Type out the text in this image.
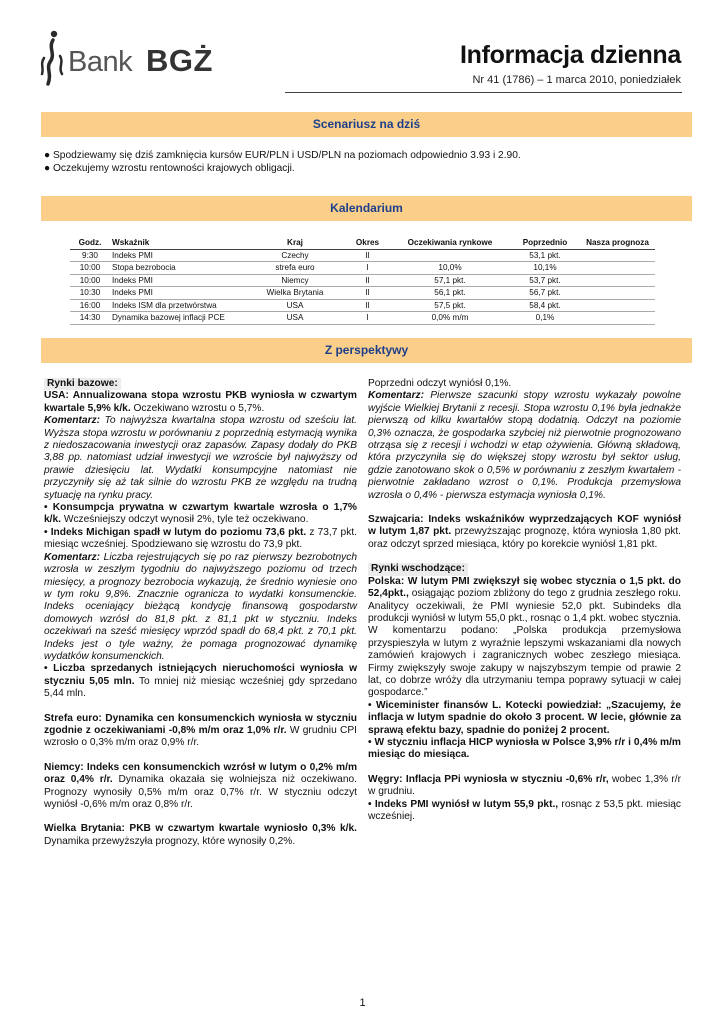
Bank BGŻ	Informacja dzienna
Nr 41 (1786) – 1 marca 2010, poniedziałek
Scenariusz na dziś
● Spodziewamy się dziś zamknięcia kursów EUR/PLN i USD/PLN na poziomach odpowiednio 3.93 i 2.90.
● Oczekujemy wzrostu rentowności krajowych obligacji.
Kalendarium
Godz.	Wskaźnik	Kraj	Okres	Oczekiwania rynkowe	Poprzednio	Nasza prognoza
9:30	Indeks PMI	Czechy	II		53,1 pkt.	
10:00	Stopa bezrobocia	strefa euro	I	10,0%	10,1%	
10:00	Indeks PMI	Niemcy	II	57,1 pkt.	53,7 pkt.	
10:30	Indeks PMI	Wielka Brytania	II	56,1 pkt.	56,7 pkt.	
16:00	Indeks ISM dla przetwórstwa	USA	II	57,5 pkt.	58,4 pkt.	
14:30	Dynamika bazowej inflacji PCE	USA	I	0,0% m/m	0,1%	
Z perspektywy

Rynki bazowe:

USA: Annualizowana stopa wzrostu PKB wyniosła w czwartym kwartale 5,9% k/k. Oczekiwano wzrostu o 5,7%.

Komentarz: To najwyższa kwartalna stopa wzrostu od sześciu lat. Wyższa stopa wzrostu w porównaniu z poprzednią estymacją wynika z niedoszacowania inwestycji oraz zapasów. Zapasy dodały do PKB 3,88 pp. natomiast udział inwestycji we wzroście był najwyższy od prawie dziesięciu lat. Wydatki konsumpcyjne natomiast nie przyczyniły się aż tak silnie do wzrostu PKB ze względu na trudną sytuację na rynku pracy.

• Konsumpcja prywatna w czwartym kwartale wzrosła o 1,7% k/k. Wcześniejszy odczyt wynosił 2%, tyle też oczekiwano.

• Indeks Michigan spadł w lutym do poziomu 73,6 pkt. z 73,7 pkt. miesiąc wcześniej. Spodziewano się wzrostu do 73,9 pkt.

Komentarz: Liczba rejestrujących się po raz pierwszy bezrobotnych wzrosła w zeszłym tygodniu do najwyższego poziomu od trzech miesięcy, a prognozy bezrobocia wykazują, że średnio wyniesie ono w tym roku 9,8%. Znacznie ogranicza to wydatki konsumenckie. Indeks oceniający bieżącą kondycję finansową gospodarstw domowych wzrósł do 81,8 pkt. z 81,1 pkt w styczniu. Indeks oczekiwań na sześć miesięcy wprzód spadł do 68,4 pkt. z 70,1 pkt. Indeks jest o tyle ważny, że pomaga prognozować dynamikę wydatków konsumenckich.

• Liczba sprzedanych istniejących nieruchomości wyniosła w styczniu 5,05 mln. To mniej niż miesiąc wcześniej gdy sprzedano 5,44 mln.

Strefa euro: Dynamika cen konsumenckich wyniosła w styczniu zgodnie z oczekiwaniami -0,8% m/m oraz 1,0% r/r. W grudniu CPI wzrosło o 0,3% m/m oraz 0,9% r/r.

Niemcy: Indeks cen konsumenckich wzrósł w lutym o 0,2% m/m oraz 0,4% r/r. Dynamika okazała się wolniejsza niż oczekiwano. Prognozy wynosiły 0,5% m/m oraz 0,7% r/r. W styczniu odczyt wyniósł -0,6% m/m oraz 0,8% r/r.

Wielka Brytania: PKB w czwartym kwartale wyniosło 0,3% k/k. Dynamika przewyższyła prognozy, które wynosiły 0,2%.

Poprzedni odczyt wyniósł 0,1%.

Komentarz: Pierwsze szacunki stopy wzrostu wykazały powolne wyjście Wielkiej Brytanii z recesji. Stopa wzrostu 0,1% była jednakże pierwszą od kilku kwartałów stopą dodatnią. Odczyt na poziomie 0,3% oznacza, że gospodarka szybciej niż pierwotnie prognozowano otrząsa się z recesji i wchodzi w etap ożywienia. Główną składową, która przyczyniła się do większej stopy wzrostu był sektor usług, gdzie zanotowano skok o 0,5% w porównaniu z zeszłym kwartałem - pierwotnie zakładano wzrost o 0,1%. Produkcja przemysłowa wzrosła o 0,4% - pierwsza estymacja wyniosła 0,1%.

Szwajcaria: Indeks wskaźników wyprzedzających KOF wyniósł w lutym 1,87 pkt. przewyższając prognozę, która wyniosła 1,80 pkt. oraz odczyt sprzed miesiąca, który po korekcie wyniósł 1,81 pkt.

Rynki wschodzące:

Polska: W lutym PMI zwiększył się wobec stycznia o 1,5 pkt. do 52,4pkt., osiągając poziom zbliżony do tego z grudnia zeszłego roku. Analitycy oczekiwali, że PMI wyniesie 52,0 pkt. Subindeks dla produkcji wyniósł w lutym 55,0 pkt., rosnąc o 1,4 pkt. wobec stycznia. W komentarzu podano: „Polska produkcja przemysłowa przyspieszyła w lutym z wyraźnie lepszymi wskazaniami dla nowych zamówień krajowych i zagranicznych wobec zeszłego miesiąca. Firmy zwiększyły swoje zakupy w najszybszym tempie od prawie 2 lat, co dobrze wróży dla utrzymaniu tempa poprawy sytuacji w całej gospodarce.”

• Wiceminister finansów L. Kotecki powiedział: „Szacujemy, że inflacja w lutym spadnie do około 3 procent. W lecie, głównie za sprawą efektu bazy, spadnie do poniżej 2 procent.

• W styczniu inflacja HICP wyniosła w Polsce 3,9% r/r i 0,4% m/m miesiąc do miesiąca.

Węgry: Inflacja PPi wyniosła w styczniu -0,6% r/r, wobec 1,3% r/r w grudniu.

• Indeks PMI wyniósł w lutym 55,9 pkt., rosnąc z 53,5 pkt. miesiąc wcześniej.

1
